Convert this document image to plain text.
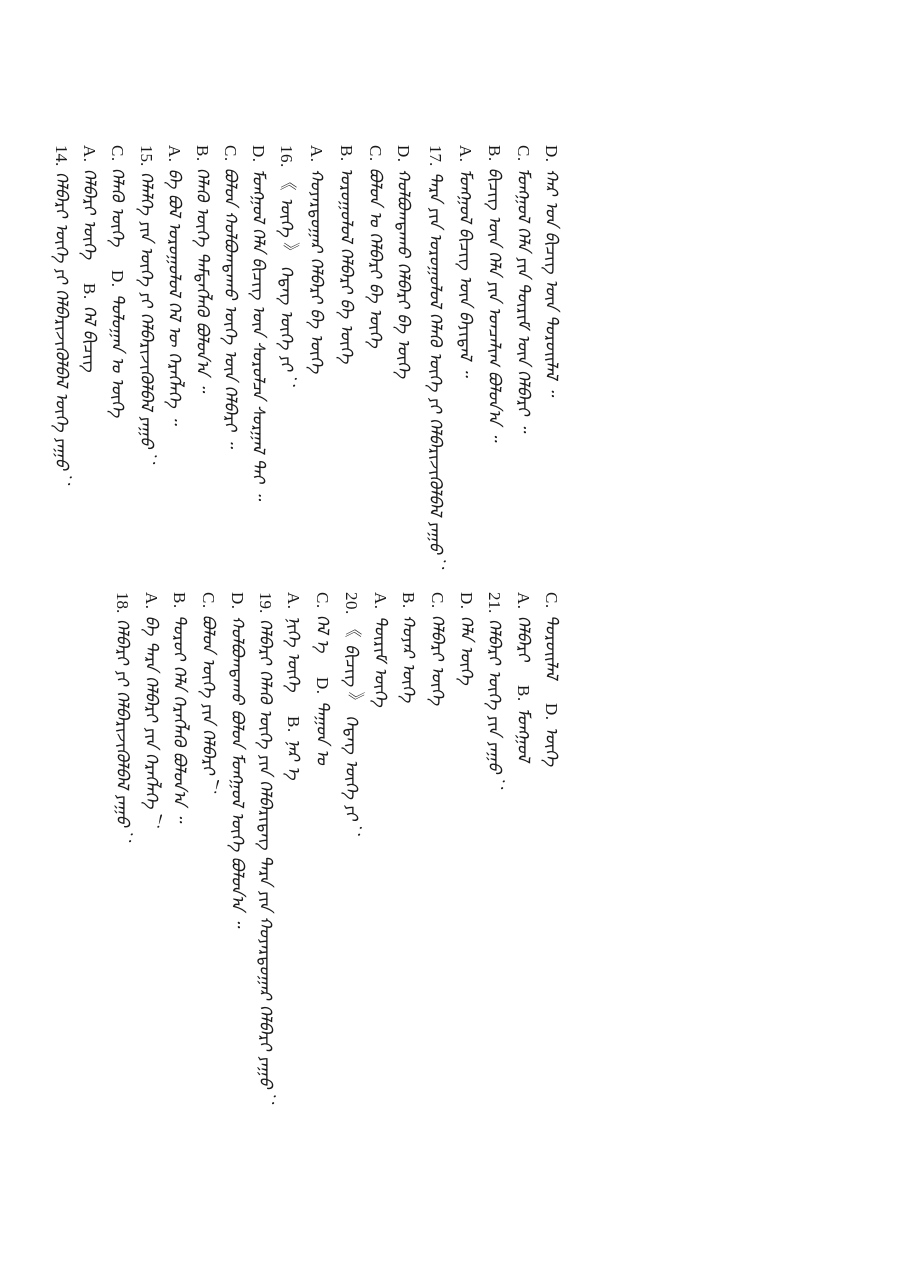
D. ᠬᠠᠷ ᠤᠨ ᠪᠢᠴᠢᠭ ᠦᠨ ᠳᠣᠷᠤᠢᠯᠠᠯ ᠃
C. ᠮᠣᠩᠭᠣᠯ ᠬᠡᠯᠡ ᠶᠢᠨ ᠳᠦᠷᠢᠮ ᠦᠨ ᠬᠡᠯᠪᠡᠷᠢ ᠃
B. ᠪᠢᠴᠢᠭ ᠦᠨ ᠬᠡᠯᠡ ᠶᠢᠨ ᠣᠨᠴᠠᠯᠢᠭ ᠪᠣᠯᠤᠨ᠎ᠠ ᠃
A. ᠮᠣᠩᠭᠣᠯ ᠪᠢᠴᠢᠭ ᠦᠨ ᠪᠠᠶᠢᠳᠠᠯ ᠃
17. ᠲᠡᠷᠡ ᠶᠢᠨ ᠤᠷᠤᠭᠤᠯᠤᠯ ᠬᠡᠯᠡᠬᠦ ᠦᠭᠡ ᠶᠢ ᠬᠡᠯᠪᠡᠷᠢᠵᠢᠭᠦᠯᠪᠡᠯ ᠶᠠᠭᠤ ：
D. ᠬᠣᠯᠪᠣᠭᠳᠠᠬᠤ ᠬᠡᠯᠪᠡᠷᠢ ᠪᠠ ᠦᠭᠡ
C. ᠪᠣᠯᠤᠨ ᠤ ᠬᠡᠯᠪᠡᠷᠢ ᠪᠠ ᠦᠭᠡ
B. ᠤᠷᠤᠭᠤᠯᠤᠯ ᠬᠡᠯᠪᠡᠷᠢ ᠪᠠ ᠦᠭᠡ
A. ᠬᠣᠶᠠᠷᠳᠤᠭᠠᠷ ᠬᠡᠯᠪᠡᠷᠢ ᠪᠠ ᠦᠭᠡ
16. 《 ᠦᠭᠡ 》 ᠭᠡᠳᠡᠭ ᠦᠭᠡ ᠶᠢ ：
D. ᠮᠣᠩᠭᠣᠯ ᠬᠡᠯᠡ ᠪᠢᠴᠢᠭ ᠦᠨ ᠰᠤᠷᠤᠯᠴᠠ ᠰᠤᠷᠭᠠᠯ ᠲᠠᠢ ᠃
C. ᠪᠣᠯᠤᠨ ᠬᠣᠯᠪᠣᠭᠳᠠᠬᠤ ᠦᠭᠡ ᠦᠨ ᠬᠡᠯᠪᠡᠷᠢ ᠃
B. ᠬᠡᠯᠡᠬᠦ ᠦᠭᠡ ᠲᠡᠮᠳᠡᠭᠯᠡᠬᠦ ᠪᠣᠯᠤᠨ᠎ᠠ ᠃
A. ᠪᠠ ᠪᠣᠯ ᠤᠷᠤᠭᠤᠯᠤᠯ ᠬᠡᠯ ᠦ ᠬᠡᠷᠡᠭᠯᠡᠭᠡ ᠃
15. ᠬᠡᠯᠡᠯᠭᠡ ᠶᠢᠨ ᠦᠭᠡ ᠶᠢ ᠬᠡᠯᠪᠡᠷᠢᠵᠢᠭᠦᠯᠪᠡᠯ ᠶᠠᠭᠤ ：
C. ᠬᠡᠯᠡᠬᠦ ᠦᠭᠡD. ᠳᠣᠯᠤᠭᠠᠨ ᠤ ᠦᠭᠡ
A. ᠬᠡᠯᠪᠡᠷᠢ ᠦᠭᠡB. ᠬᠡᠯ ᠪᠢᠴᠢᠭ
14. ᠬᠡᠯᠪᠡᠷᠢ ᠦᠭᠡ ᠶᠢ ᠬᠡᠯᠪᠡᠷᠢᠵᠢᠭᠦᠯᠪᠡᠯ ᠦᠭᠡ ᠶᠠᠭᠤ ：
C. ᠳᠣᠷᠤᠢᠯᠠᠯD. ᠦᠭᠡ
A. ᠬᠡᠯᠪᠡᠷᠢB. ᠮᠣᠩᠭᠣᠯ
21. ᠬᠡᠯᠪᠡᠷᠢ ᠦᠭᠡ ᠶᠢᠨ ᠶᠠᠭᠤ ：
D. ᠬᠡᠯᠡ ᠦᠭᠡ
C. ᠬᠡᠯᠪᠡᠷᠢ ᠦᠭᠡ
B. ᠬᠣᠶᠠᠷ ᠦᠭᠡ
A. ᠳᠦᠷᠢᠮ ᠦᠭᠡ
20. 《 ᠪᠢᠴᠢᠭ 》 ᠭᠡᠳᠡᠭ ᠦᠭᠡ ᠶᠢ ：
C. ᠬᠡᠯ ᠡD. ᠳᠠᠭᠤᠨ ᠤ
A. ᠨᠢᠭᠡ ᠦᠭᠡB. ᠨᠡᠷ ᠡ
19. ᠬᠡᠯᠪᠡᠷᠢ ᠬᠡᠯᠡᠬᠦ ᠦᠭᠡ ᠶᠢᠨ ᠬᠡᠯᠪᠡᠷᠢᠳᠡᠭ ᠲᠡᠷᠡ ᠶᠢᠨ ᠬᠣᠶᠠᠷᠳᠤᠭᠠᠷ ᠬᠡᠯᠪᠡᠷᠢ ᠶᠠᠭᠤ ：
D. ᠬᠣᠯᠪᠣᠭᠳᠠᠬᠤ ᠪᠣᠯᠤᠨ ᠮᠣᠩᠭᠣᠯ ᠦᠭᠡ ᠪᠣᠯᠤᠨ᠎ᠠ ᠃
C. ᠪᠣᠯᠤᠨ ᠦᠭᠡ ᠶᠢᠨ ᠬᠡᠯᠪᠡᠷᠢ ！
B. ᠳᠣᠷᠤᠢ ᠬᠡᠯᠡ ᠬᠡᠷᠡᠭᠯᠡᠬᠦ ᠪᠣᠯᠤᠨ᠎ᠠ ᠃
A. ᠪᠠ ᠲᠡᠷᠡ ᠬᠡᠯᠪᠡᠷᠢ ᠶᠢᠨ ᠬᠡᠷᠡᠭᠯᠡᠭᠡ ！
18. ᠬᠡᠯᠪᠡᠷᠢ ᠶᠢ ᠬᠡᠯᠪᠡᠷᠢᠵᠢᠭᠦᠯᠪᠡᠯ ᠶᠠᠭᠤ ：
